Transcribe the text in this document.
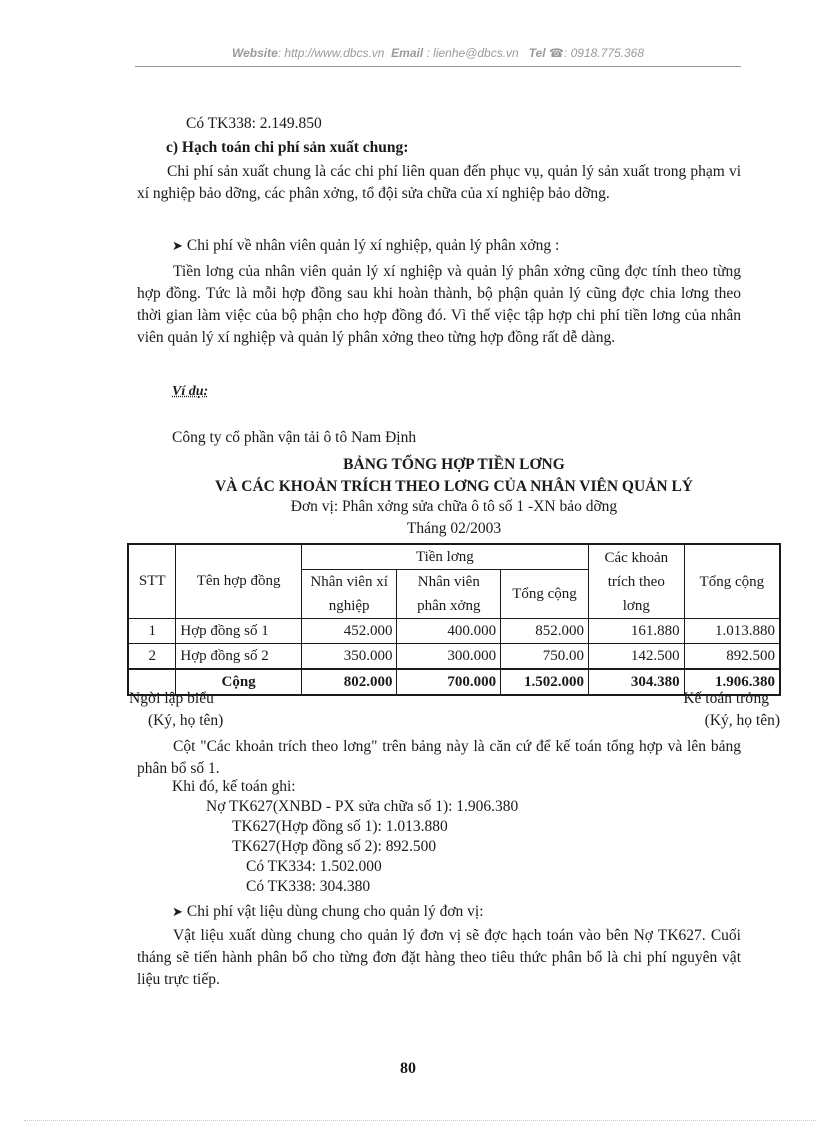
Website: http://www.dbcs.vn Email : lienhe@dbcs.vn Tel ☎: 0918.775.368
Có TK338: 2.149.850
c) Hạch toán chi phí sản xuất chung:
Chi phí sản xuất chung là các chi phí liên quan đến phục vụ, quản lý sản xuất trong phạm vi xí nghiệp bảo dỡng, các phân xởng, tổ đội sửa chữa của xí nghiệp bảo dỡng.
➤ Chi phí về nhân viên quản lý xí nghiệp, quản lý phân xởng :
Tiền lơng của nhân viên quản lý xí nghiệp và quản lý phân xởng cũng đợc tính theo từng hợp đồng. Tức là mỗi hợp đồng sau khi hoàn thành, bộ phận quản lý cũng đợc chia lơng theo thời gian làm việc của bộ phận cho hợp đồng đó. Vì thế việc tập hợp chi phí tiền lơng của nhân viên quản lý xí nghiệp và quản lý phân xởng theo từng hợp đồng rất dễ dàng.
Ví dụ:
Công ty cổ phần vận tải ô tô Nam Định
BẢNG TỔNG HỢP TIỀN LƠNG
VÀ CÁC KHOẢN TRÍCH THEO LƠNG CỦA NHÂN VIÊN QUẢN LÝ
Đơn vị: Phân xởng sửa chữa ô tô số 1 -XN bảo dỡng
Tháng 02/2003
STT	Tên hợp đồng	Tiền lơng			Các khoản trích theo lơng	Tổng cộng
		Nhân viên xí nghiệp	Nhân viên phân xởng	Tổng cộng		

1	Hợp đồng số 1	452.000	400.000	852.000	161.880	1.013.880
2	Hợp đồng số 2	350.000	300.000	750.00	142.500	892.500
	Cộng	802.000	700.000	1.502.000	304.380	1.906.380
Ngời lập biểu
(Ký, họ tên)
Kế toán trởng
(Ký, họ tên)
Cột "Các khoản trích theo lơng" trên bảng này là căn cứ để kế toán tổng hợp và lên bảng phân bổ số 1.
Khi đó, kế toán ghi:
Nợ TK627(XNBD - PX sửa chữa số 1): 1.906.380
TK627(Hợp đồng số 1): 1.013.880
TK627(Hợp đồng số 2): 892.500
Có TK334: 1.502.000
Có TK338: 304.380
➤ Chi phí vật liệu dùng chung cho quản lý đơn vị:
Vật liệu xuất dùng chung cho quản lý đơn vị sẽ đợc hạch toán vào bên Nợ TK627. Cuối tháng sẽ tiến hành phân bổ cho từng đơn đặt hàng theo tiêu thức phân bổ là chi phí nguyên vật liệu trực tiếp.
80
